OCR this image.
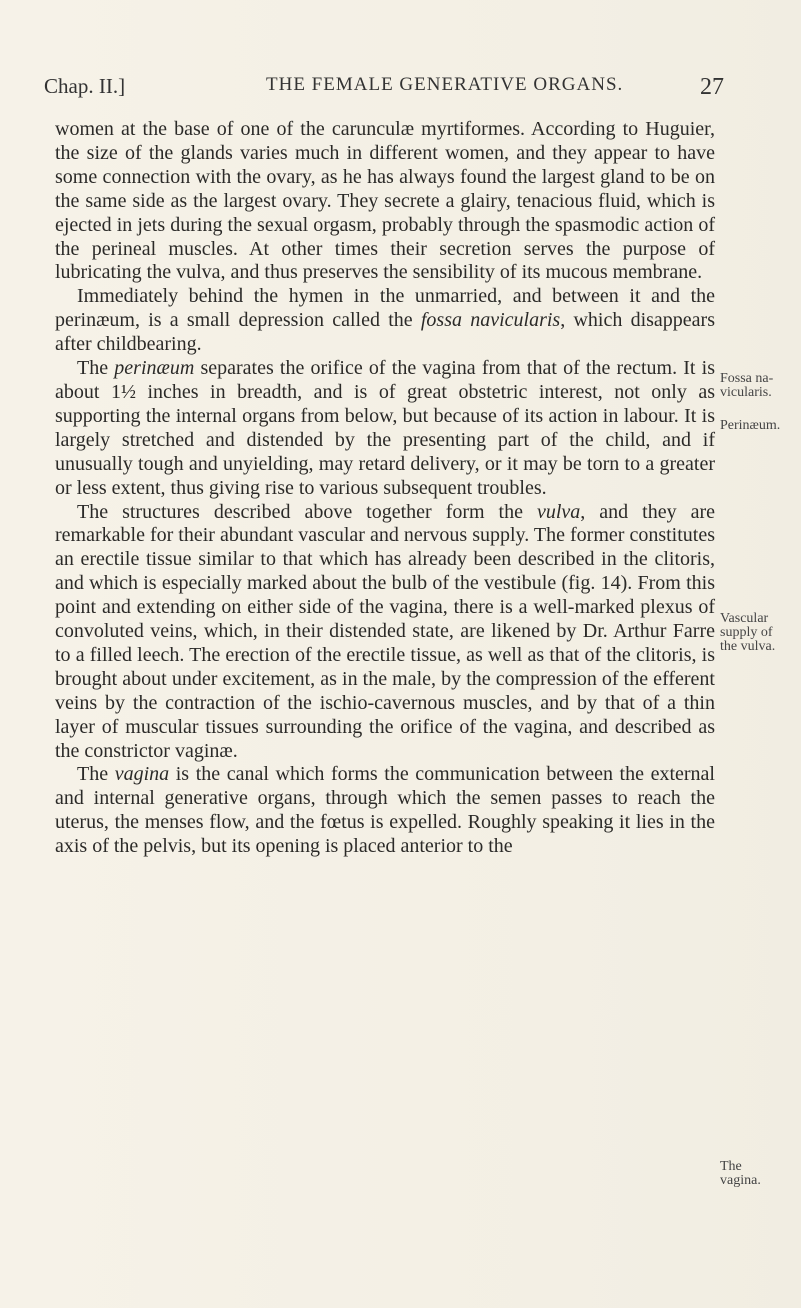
Chap. II.]	THE FEMALE GENERATIVE ORGANS.	27

women at the base of one of the carunculæ myrtiformes. According to Huguier, the size of the glands varies much in different women, and they appear to have some connection with the ovary, as he has always found the largest gland to be on the same side as the largest ovary. They secrete a glairy, tenacious fluid, which is ejected in jets during the sexual orgasm, probably through the spasmodic action of the perineal muscles. At other times their secretion serves the purpose of lubricating the vulva, and thus preserves the sensibility of its mucous membrane.

Immediately behind the hymen in the unmarried, and between it and the perinæum, is a small depression called the fossa navicularis, which disappears after childbearing.

The perinæum separates the orifice of the vagina from that of the rectum. It is about 1½ inches in breadth, and is of great obstetric interest, not only as supporting the internal organs from below, but because of its action in labour. It is largely stretched and distended by the presenting part of the child, and if unusually tough and unyielding, may retard delivery, or it may be torn to a greater or less extent, thus giving rise to various subsequent troubles.

The structures described above together form the vulva, and they are remarkable for their abundant vascular and nervous supply. The former constitutes an erectile tissue similar to that which has already been described in the clitoris, and which is especially marked about the bulb of the vestibule (fig. 14). From this point and extending on either side of the vagina, there is a well-marked plexus of convoluted veins, which, in their distended state, are likened by Dr. Arthur Farre to a filled leech. The erection of the erectile tissue, as well as that of the clitoris, is brought about under excitement, as in the male, by the compression of the efferent veins by the contraction of the ischio-cavernous muscles, and by that of a thin layer of muscular tissues surrounding the orifice of the vagina, and described as the constrictor vaginæ.

The vagina is the canal which forms the communication between the external and internal generative organs, through which the semen passes to reach the uterus, the menses flow, and the fœtus is expelled. Roughly speaking it lies in the axis of the pelvis, but its opening is placed anterior to the

Fossa na-
vicularis.
Perinæum.
Vascular
supply of
the vulva.
The
vagina.
